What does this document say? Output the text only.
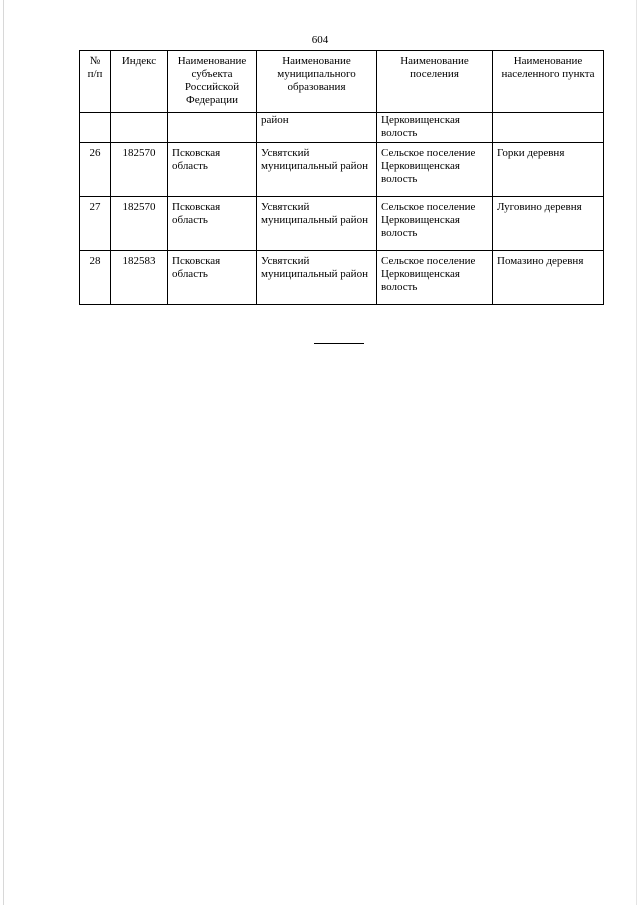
604
№ п/п	Индекс	Наименование субъекта Российской Федерации	Наименование муниципального образования	Наименование поселения	Наименование населенного пункта
			район	Церковищенская волость	
26	182570	Псковская область	Усвятский муниципальный район	Сельское поселение Церковищенская волость	Горки деревня
27	182570	Псковская область	Усвятский муниципальный район	Сельское поселение Церковищенская волость	Луговино деревня
28	182583	Псковская область	Усвятский муниципальный район	Сельское поселение Церковищенская волость	Помазино деревня
